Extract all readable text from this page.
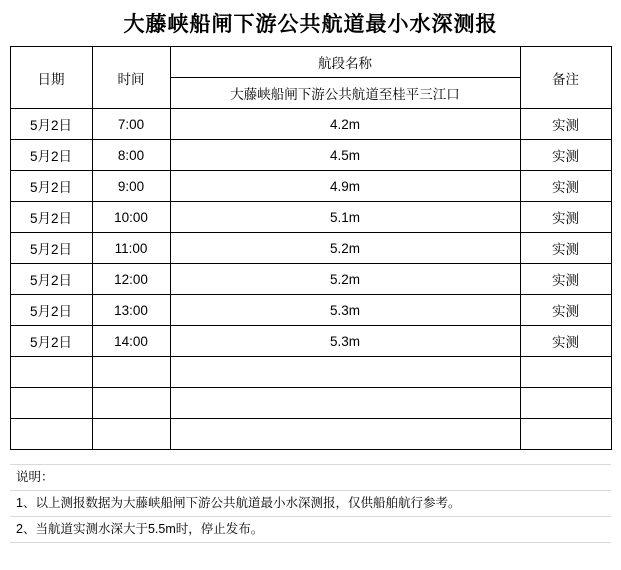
大藤峡船闸下游公共航道最小水深测报
日期	时间	航段名称	备注
		大藤峡船闸下游公共航道至桂平三江口	
5月2日	7:00	4.2m	实测
5月2日	8:00	4.5m	实测
5月2日	9:00	4.9m	实测
5月2日	10:00	5.1m	实测
5月2日	11:00	5.2m	实测
5月2日	12:00	5.2m	实测
5月2日	13:00	5.3m	实测
5月2日	14:00	5.3m	实测

说明：
1、以上测报数据为大藤峡船闸下游公共航道最小水深测报，仅供船舶航行参考。
2、当航道实测水深大于5.5m时，停止发布。
